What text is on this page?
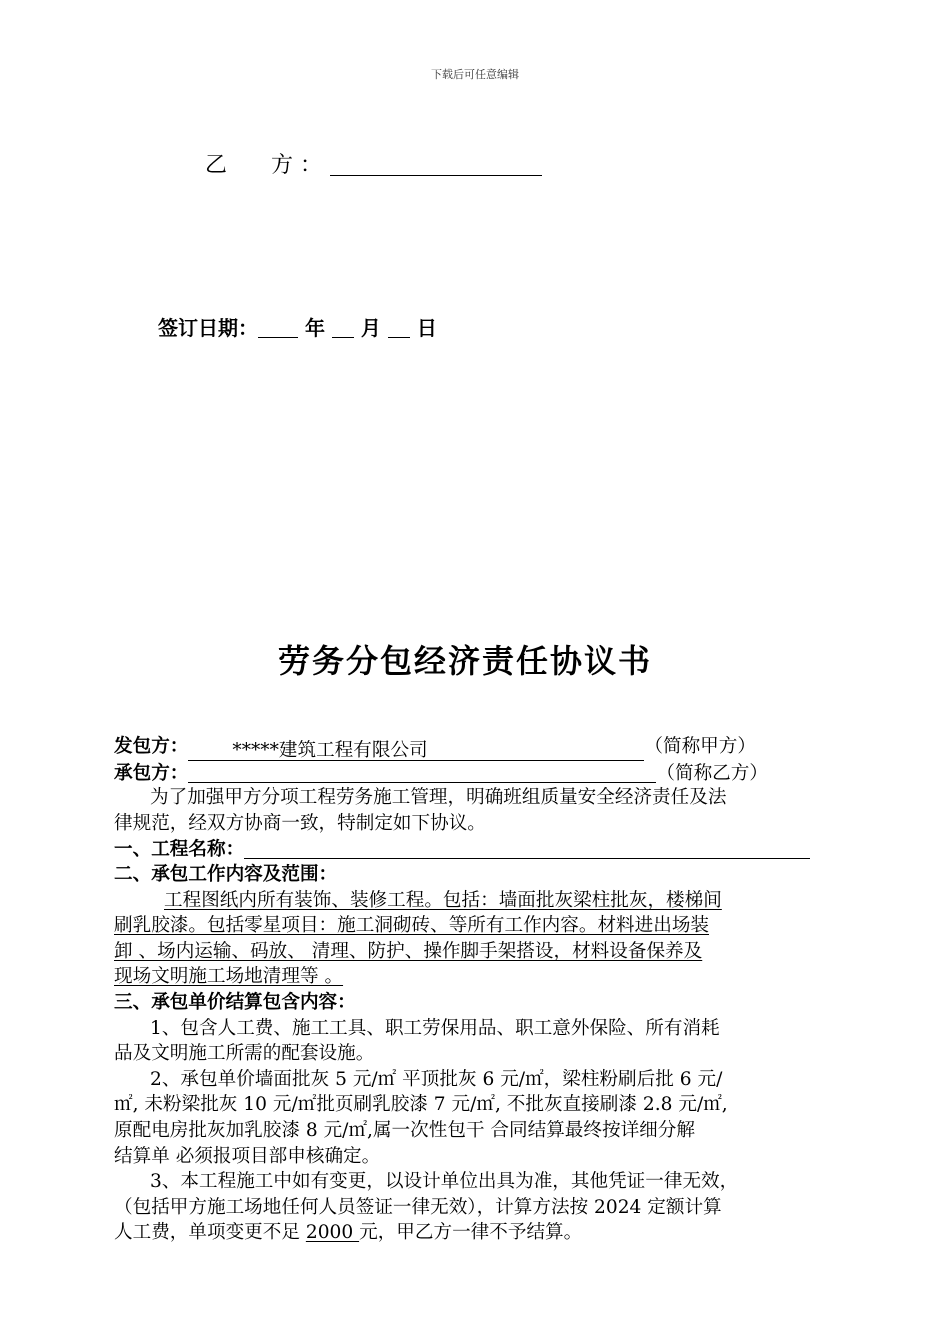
下载后可任意编辑
乙　　方 ：
签订日期： 年 月 日
劳务分包经济责任协议书
发包方： *****建筑工程有限公司	（简称甲方）
承包方：	（简称乙方）
为了加强甲方分项工程劳务施工管理，明确班组质量安全经济责任及法
律规范，经双方协商一致，特制定如下协议。
一、工程名称：
二、承包工作内容及范围：
工程图纸内所有装饰、装修工程。包括：墙面批灰梁柱批灰，楼梯间
刷乳胶漆。包括零星项目：施工洞砌砖、等所有工作内容。材料进出场装
卸 、场内运输、码放、 清理、防护、操作脚手架搭设，材料设备保养及
现场文明施工场地清理等 。
三、承包单价结算包含内容：
1、包含人工费、施工工具、职工劳保用品、职工意外保险、所有消耗
品及文明施工所需的配套设施。
2、承包单价墙面批灰 5 元/㎡ 平顶批灰 6 元/㎡，梁柱粉刷后批 6 元/
㎡, 未粉梁批灰 10 元/㎡批页刷乳胶漆 7 元/㎡, 不批灰直接刷漆 2.8 元/㎡,
原配电房批灰加乳胶漆 8 元/㎡,属一次性包干 合同结算最终按详细分解
结算单 必须报项目部申核确定。
3、本工程施工中如有变更，以设计单位出具为准，其他凭证一律无效，
（包括甲方施工场地任何人员签证一律无效），计算方法按 2024 定额计算
人工费，单项变更不足 2000 元，甲乙方一律不予结算。
